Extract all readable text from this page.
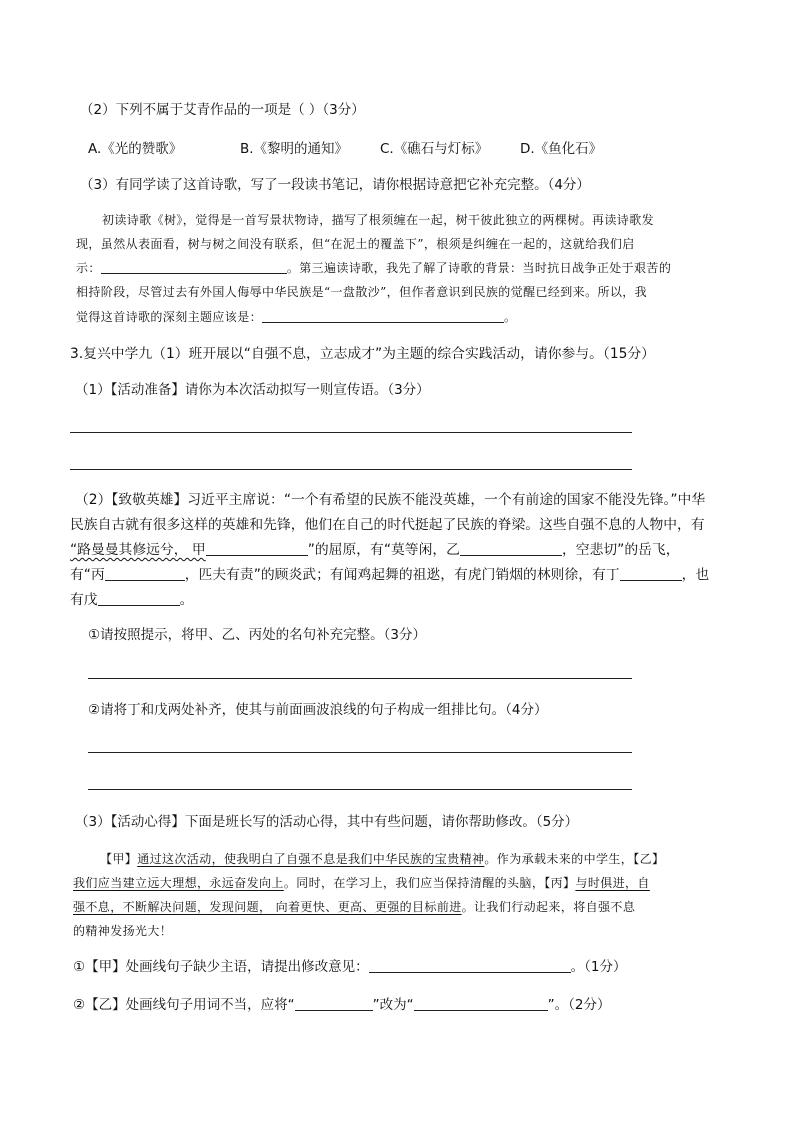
（2）下列不属于艾青作品的一项是（ ）（3分）
A.《光的赞歌》	B.《黎明的通知》 C.《礁石与灯标》 D.《鱼化石》
（3）有同学读了这首诗歌，写了一段读书笔记，请你根据诗意把它补充完整。（4分）
初读诗歌《树》，觉得是一首写景状物诗，描写了根须缠在一起，树干彼此独立的两棵树。再读诗歌发
现，虽然从表面看，树与树之间没有联系，但“在泥土的覆盖下”，根须是纠缠在一起的，这就给我们启
示：	。第三遍读诗歌，我先了解了诗歌的背景：当时抗日战争正处于艰苦的
相持阶段，尽管过去有外国人侮辱中华民族是“一盘散沙”，但作者意识到民族的觉醒已经到来。所以，我
觉得这首诗歌的深刻主题应该是：	。
3.复兴中学九（1）班开展以“自强不息，立志成才”为主题的综合实践活动，请你参与。（15分）
（1）【活动准备】请你为本次活动拟写一则宣传语。（3分）
（2）【致敬英雄】习近平主席说：“一个有希望的民族不能没英雄，一个有前途的国家不能没先锋。”中华
民族自古就有很多这样的英雄和先锋，他们在自己的时代挺起了民族的脊梁。这些自强不息的人物中，有
“路曼曼其修远兮， 甲	”的屈原，有“莫等闲，乙	，空悲切”的岳飞，
有“丙	，匹夫有责”的顾炎武；有闻鸡起舞的祖逖，有虎门销烟的林则徐，有丁	，也
有戊	。
①请按照提示，将甲、乙、丙处的名句补充完整。（3分）
②请将丁和戊两处补齐，使其与前面画波浪线的句子构成一组排比句。（4分）
（3）【活动心得】下面是班长写的活动心得，其中有些问题，请你帮助修改。（5分）
【甲】通过这次活动，使我明白了自强不息是我们中华民族的宝贵精神。作为承载未来的中学生，【乙】
我们应当建立远大理想，永远奋发向上。同时，在学习上，我们应当保持清醒的头脑，【丙】与时俱进，自
强不息，不断解决问题，发现问题， 向着更快、更高、更强的目标前进。让我们行动起来，将自强不息
的精神发扬光大！
①【甲】处画线句子缺少主语，请提出修改意见：	。（1分）
②【乙】处画线句子用词不当，应将“	”改为“	”。（2分）
